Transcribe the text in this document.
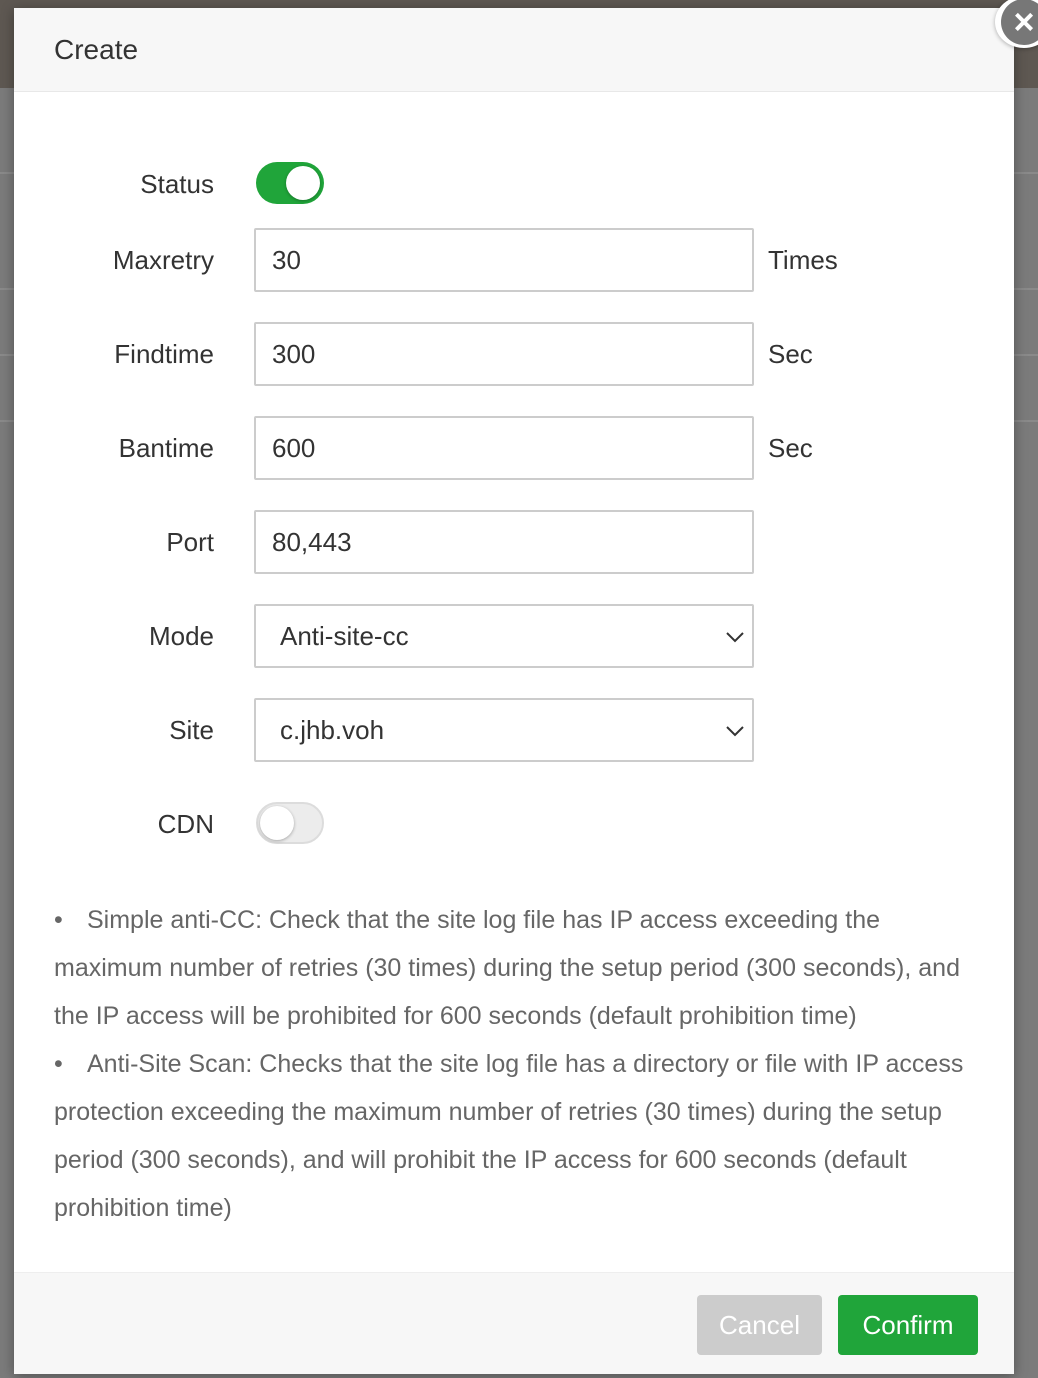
Create
×
Status
Maxretry	30	Times
Findtime	300	Sec
Bantime	600	Sec
Port	80,443
Mode	Anti-site-cc
Site	c.jhb.voh
CDN
• Simple anti-CC: Check that the site log file has IP access exceeding the maximum number of retries (30 times) during the setup period (300 seconds), and the IP access will be prohibited for 600 seconds (default prohibition time)
• Anti-Site Scan: Checks that the site log file has a directory or file with IP access protection exceeding the maximum number of retries (30 times) during the setup period (300 seconds), and will prohibit the IP access for 600 seconds (default prohibition time)
Cancel	Confirm
